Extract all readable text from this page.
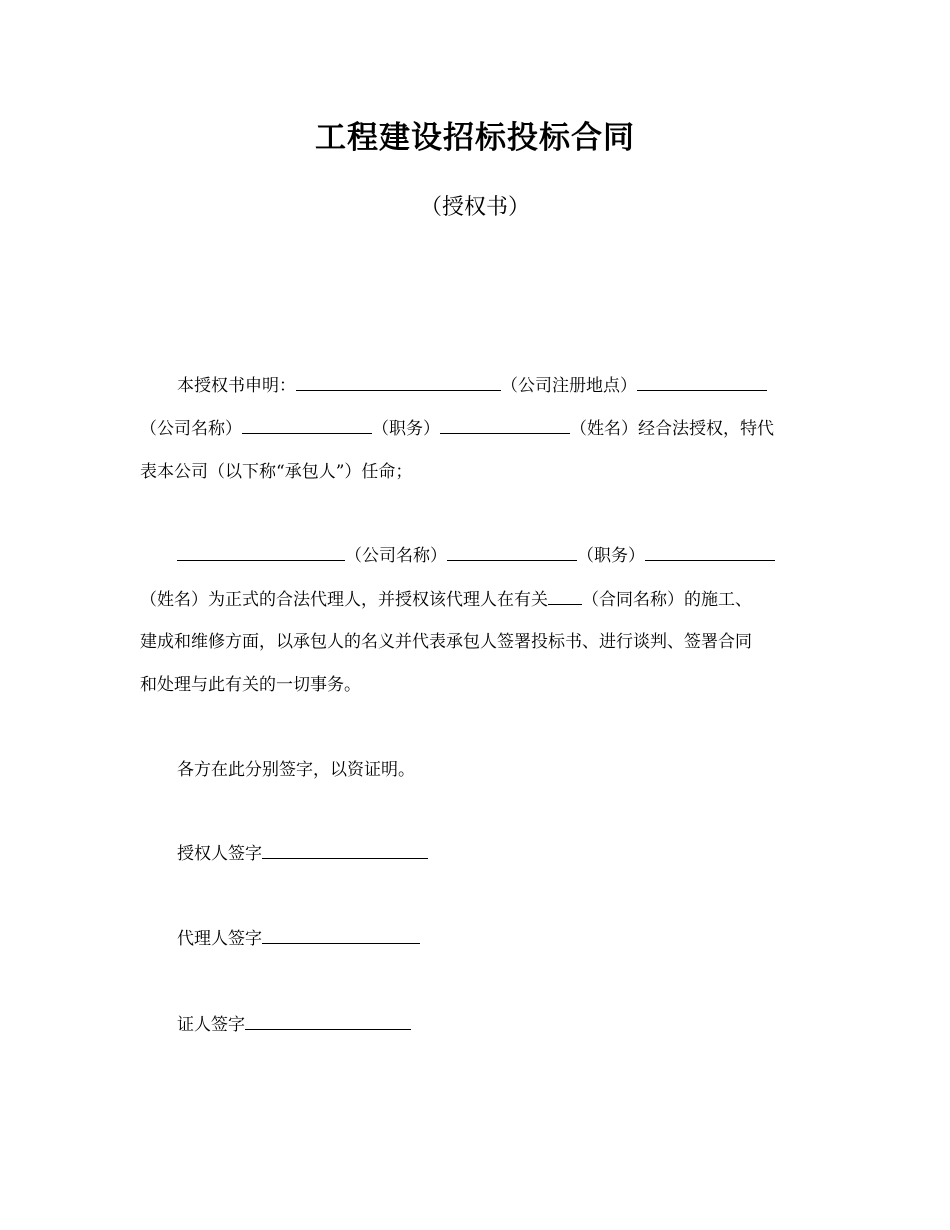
工程建设招标投标合同
（授权书）
本授权书申明：	（公司注册地点）
（公司名称）	（职务）	（姓名）经合法授权，特代
表本公司（以下称“承包人”）任命；
（公司名称）	（职务）
（姓名）为正式的合法代理人，并授权该代理人在有关 （合同名称）的施工、
建成和维修方面，以承包人的名义并代表承包人签署投标书、进行谈判、签署合同
和处理与此有关的一切事务。
各方在此分别签字，以资证明。
授权人签字
代理人签字
证人签字
